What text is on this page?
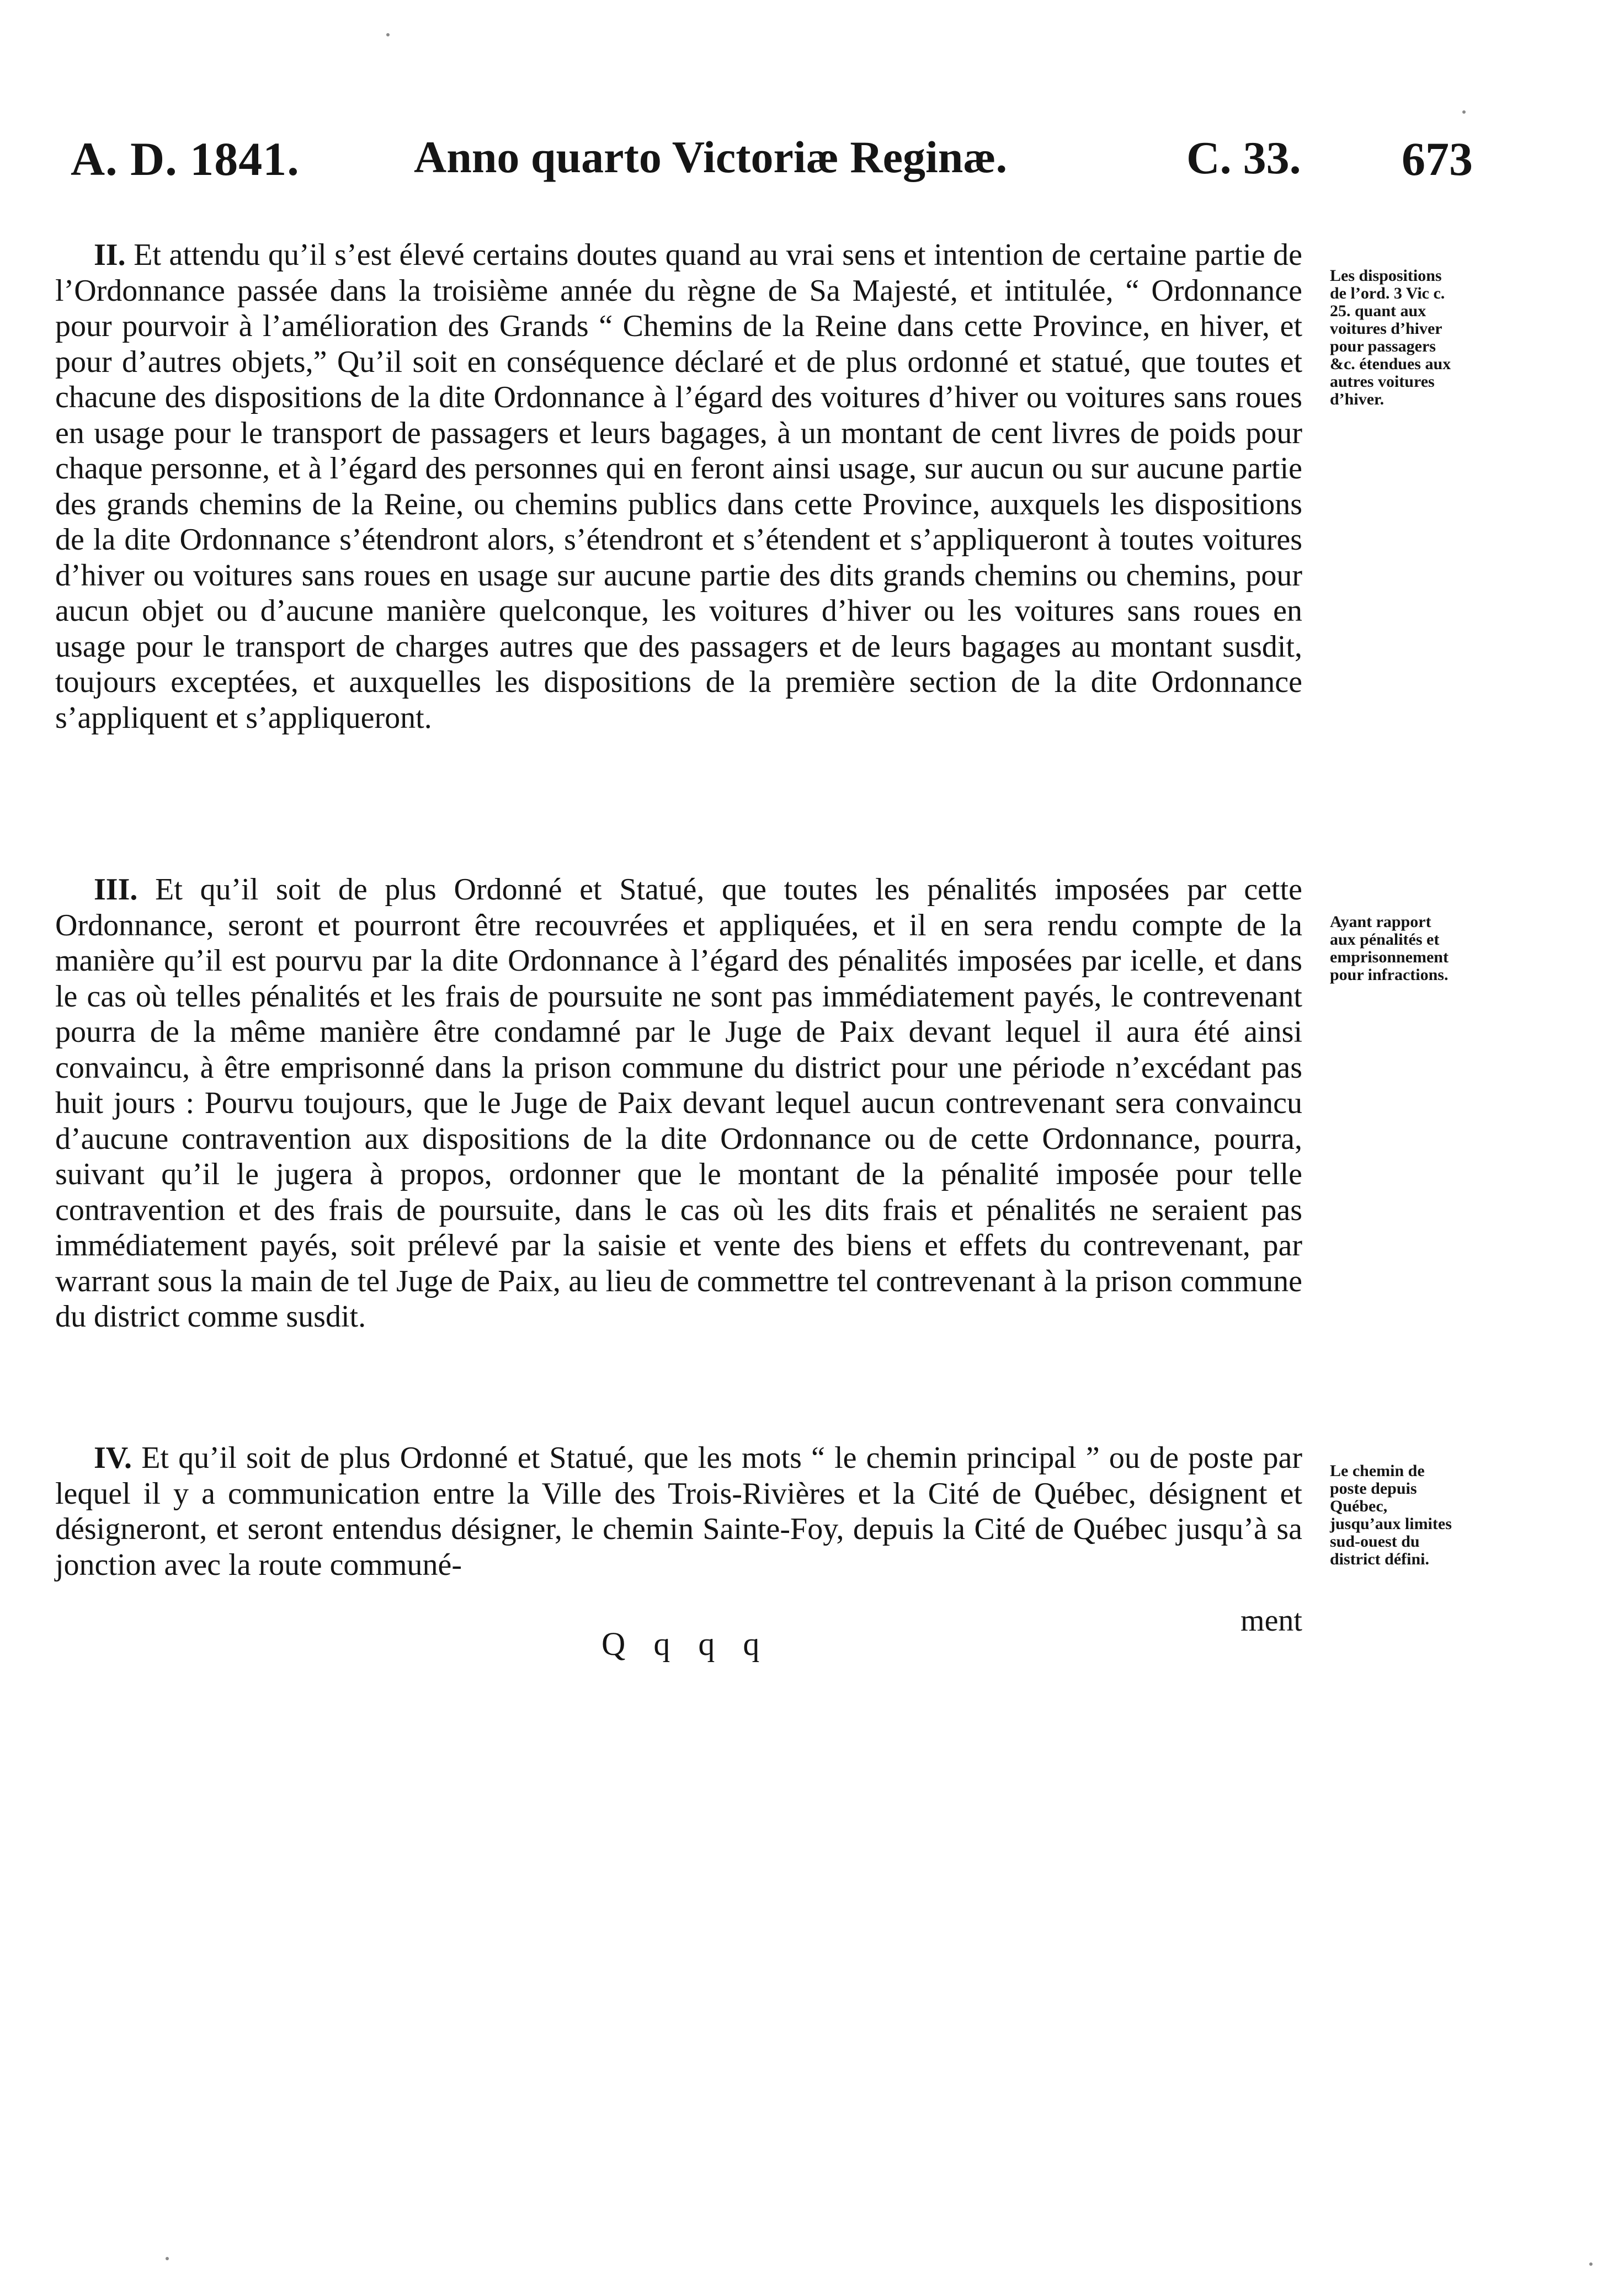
A. D. 1841.	Anno quarto Victoriæ Reginæ.	C. 33. 673

II. Et attendu qu’il s’est élevé certains doutes quand au vrai sens et intention de certaine partie de l’Ordonnance passée dans la troisième année du règne de Sa Majesté, et intitulée, “ Ordonnance pour pourvoir à l’amélioration des Grands “ Chemins de la Reine dans cette Province, en hiver, et pour d’autres objets,” Qu’il soit en conséquence déclaré et de plus ordonné et statué, que toutes et chacune des dispositions de la dite Ordonnance à l’égard des voitures d’hiver ou voitures sans roues en usage pour le transport de passagers et leurs bagages, à un montant de cent livres de poids pour chaque personne, et à l’égard des personnes qui en feront ainsi usage, sur aucun ou sur aucune partie des grands chemins de la Reine, ou chemins publics dans cette Province, auxquels les dispositions de la dite Ordonnance s’étendront alors, s’étendront et s’étendent et s’appliqueront à toutes voitures d’hiver ou voitures sans roues en usage sur aucune partie des dits grands chemins ou chemins, pour aucun objet ou d’aucune manière quelconque, les voitures d’hiver ou les voitures sans roues en usage pour le transport de charges autres que des passagers et de leurs bagages au montant susdit, toujours exceptées, et auxquelles les dispositions de la première section de la dite Ordonnance s’appliquent et s’appliqueront.

Les dispositions de l’ord. 3 Vic c. 25. quant aux voitures d’hiver pour passagers &c. étendues aux autres voitures d’hiver.

III. Et qu’il soit de plus Ordonné et Statué, que toutes les pénalités imposées par cette Ordonnance, seront et pourront être recouvrées et appliquées, et il en sera rendu compte de la manière qu’il est pourvu par la dite Ordonnance à l’égard des pénalités imposées par icelle, et dans le cas où telles pénalités et les frais de poursuite ne sont pas immédiatement payés, le contrevenant pourra de la même manière être condamné par le Juge de Paix devant lequel il aura été ainsi convaincu, à être emprisonné dans la prison commune du district pour une période n’excédant pas huit jours : Pourvu toujours, que le Juge de Paix devant lequel aucun contrevenant sera convaincu d’aucune contravention aux dispositions de la dite Ordonnance ou de cette Ordonnance, pourra, suivant qu’il le jugera à propos, ordonner que le montant de la pénalité imposée pour telle contravention et des frais de poursuite, dans le cas où les dits frais et pénalités ne seraient pas immédiatement payés, soit prélevé par la saisie et vente des biens et effets du contrevenant, par warrant sous la main de tel Juge de Paix, au lieu de commettre tel contrevenant à la prison commune du district comme susdit.

Ayant rapport aux pénalités et emprisonnement pour infractions.

IV. Et qu’il soit de plus Ordonné et Statué, que les mots “ le chemin principal ” ou de poste par lequel il y a communication entre la Ville des Trois-Rivières et la Cité de Québec, désignent et désigneront, et seront entendus désigner, le chemin Sainte-Foy, depuis la Cité de Québec jusqu’à sa jonction avec la route communé-

Le chemin de poste depuis Québec, jusqu’aux limites sud-ouest du district défini.
ment
Q q q q
